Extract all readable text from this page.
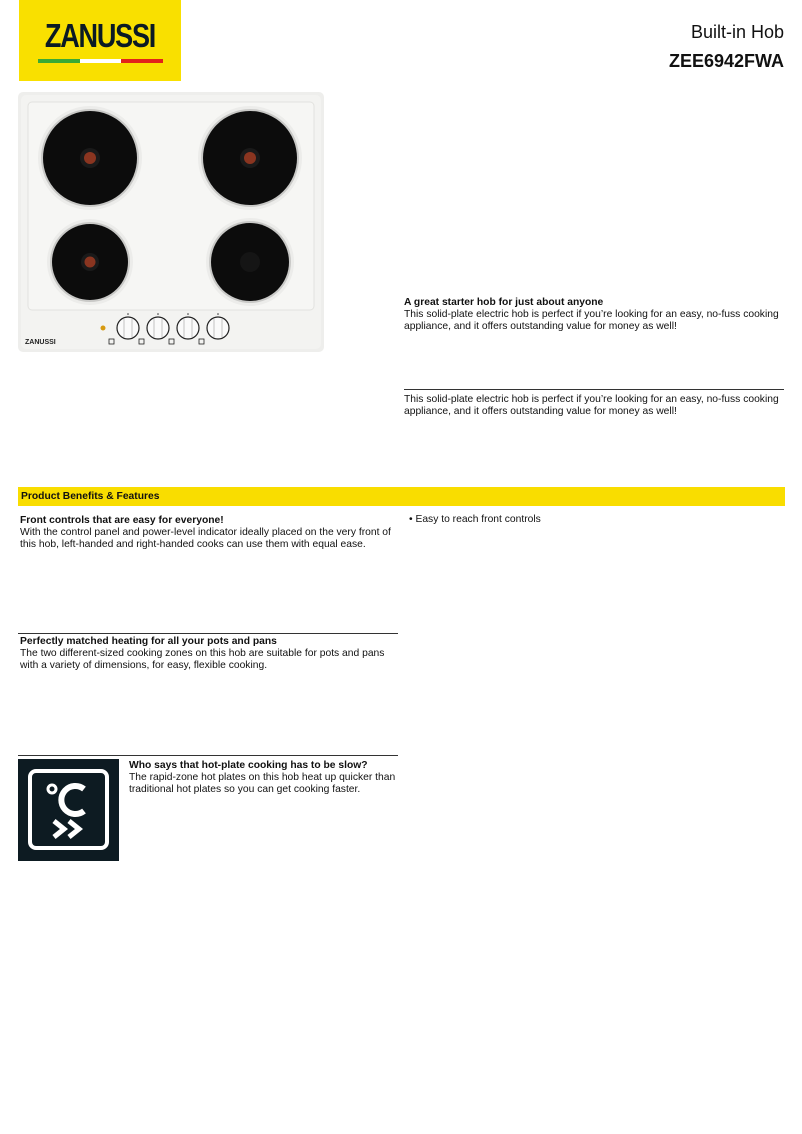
ZANUSSI	Built-in Hob
ZEE6942FWA
ZANUSSI
A great starter hob for just about anyone
This solid-plate electric hob is perfect if you’re looking for an easy, no-fuss cooking appliance, and it offers outstanding value for money as well!
This solid-plate electric hob is perfect if you’re looking for an easy, no-fuss cooking appliance, and it offers outstanding value for money as well!
Product Benefits & Features
Front controls that are easy for everyone!
With the control panel and power-level indicator ideally placed on the very front of this hob, left-handed and right-handed cooks can use them with equal ease.
• Easy to reach front controls
Perfectly matched heating for all your pots and pans
The two different-sized cooking zones on this hob are suitable for pots and pans with a variety of dimensions, for easy, flexible cooking.
Who says that hot-plate cooking has to be slow?
The rapid-zone hot plates on this hob heat up quicker than traditional hot plates so you can get cooking faster.
